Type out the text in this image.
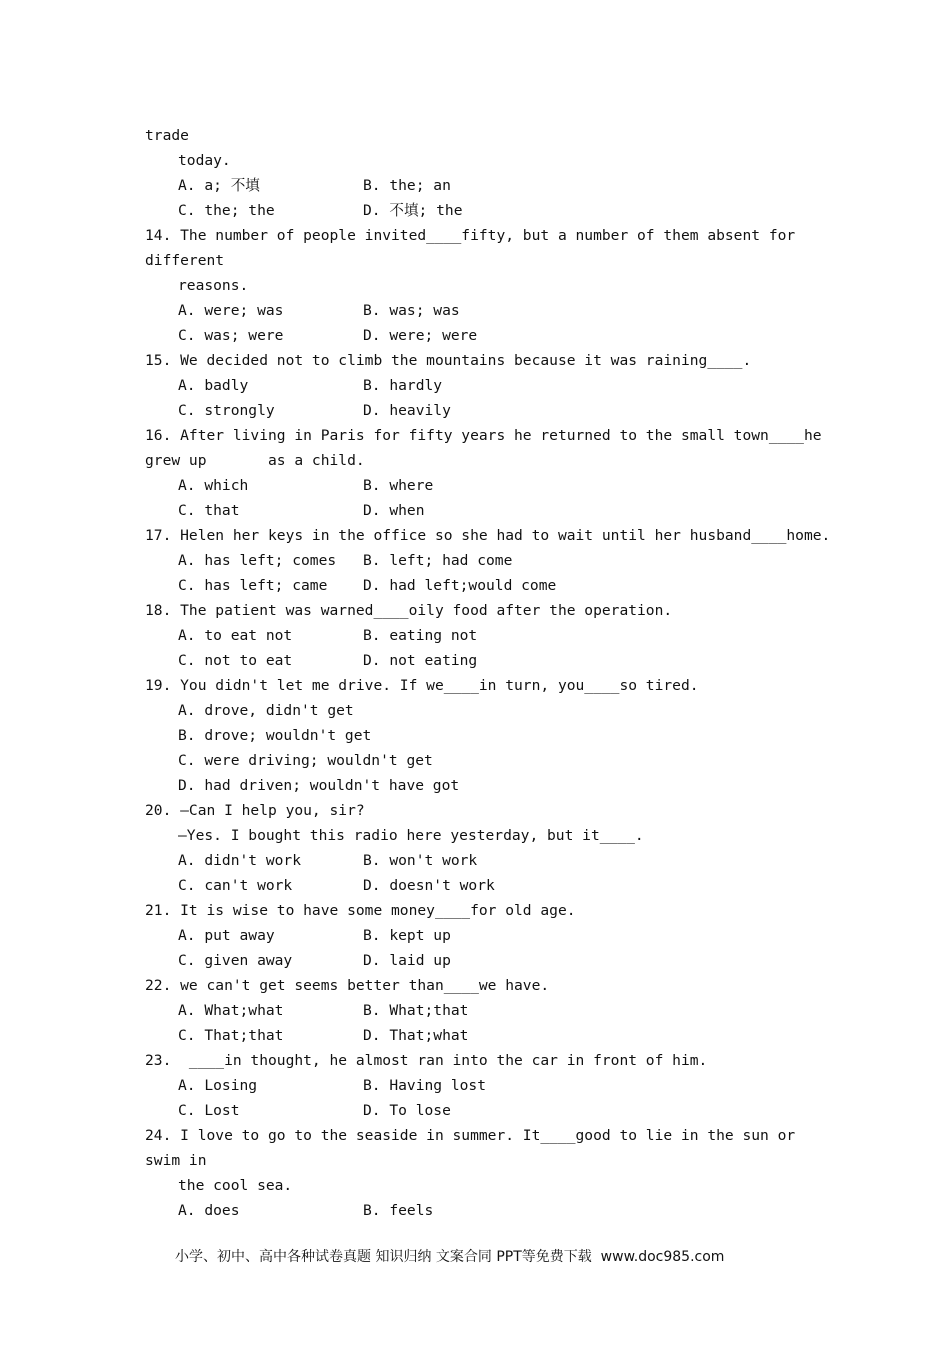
trade
today.
A. a; 不填	B. the; an
C. the; the	D. 不填; the
14. The number of people invited____fifty, but a number of them absent for
different
reasons.
A. were; was	B. was; was
C. was; were	D. were; were
15. We decided not to climb the mountains because it was raining____.
A. badly	B. hardly
C. strongly	D. heavily
16. After living in Paris for fifty years he returned to the small town____he
grew up       as a child.
A. which	B. where
C. that	D. when
17. Helen her keys in the office so she had to wait until her husband____home.
A. has left; comes B. left; had come
C. has left; came D. had left;would come
18. The patient was warned____oily food after the operation.
A. to eat not	B. eating not
C. not to eat	D. not eating
19. You didn't let me drive. If we____in turn, you____so tired.
A. drove, didn't get
B. drove; wouldn't get
C. were driving; wouldn't get
D. had driven; wouldn't have got
20. —Can I help you, sir?
—Yes. I bought this radio here yesterday, but it____.
A. didn't work	B. won't work
C. can't work	D. doesn't work
21. It is wise to have some money____for old age.
A. put away	B. kept up
C. given away	D. laid up
22. we can't get seems better than____we have.
A. What;what	B. What;that
C. That;that	D. That;what
23.  ____in thought, he almost ran into the car in front of him.
A. Losing	B. Having lost
C. Lost	D. To lose
24. I love to go to the seaside in summer. It____good to lie in the sun or
swim in
the cool sea.
A. does	B. feels
小学、初中、高中各种试卷真题 知识归纳 文案合同 PPT等免费下载  www.doc985.com
